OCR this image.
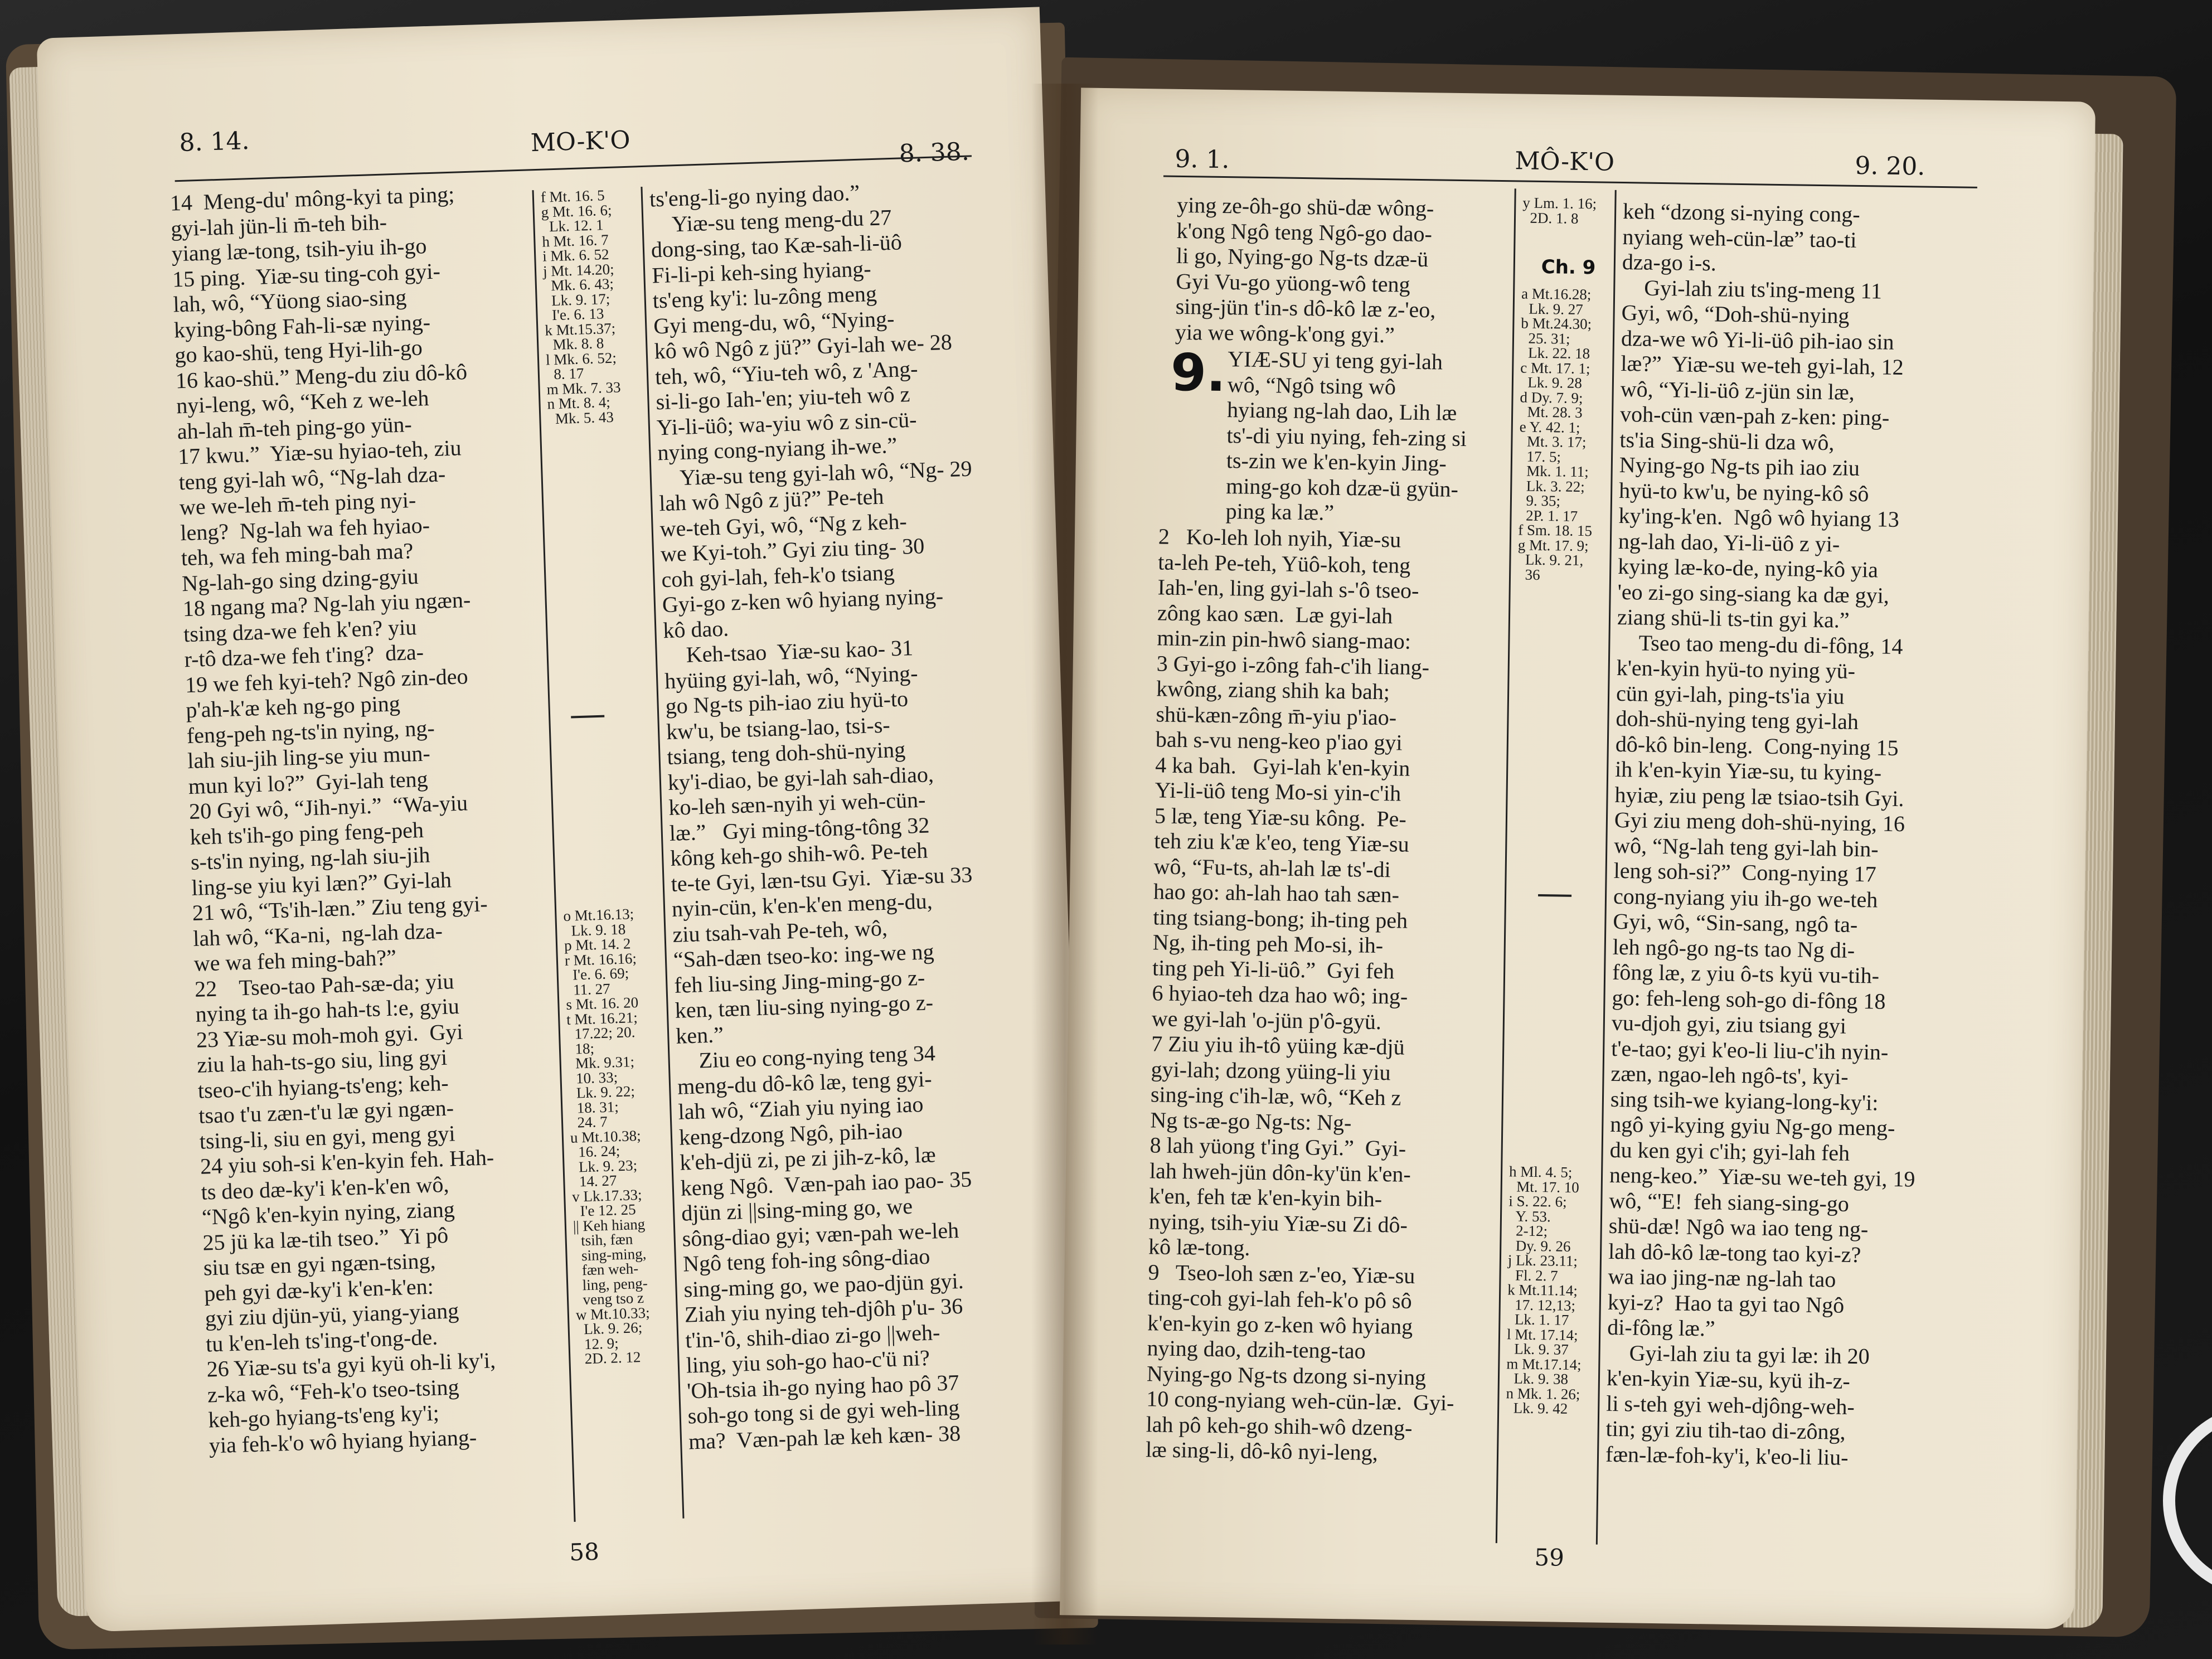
8. 14.	MO-K'O	8. 38.
14  Meng-du' mông-kyi ta ping;
gyi-lah jün-li m̄-teh bih-
yiang læ-tong, tsih-yiu ih-go
15 ping.  Yiæ-su ting-coh gyi-
lah, wô, “Yüong siao-sing
kying-bông Fah-li-sæ nying-
go kao-shü, teng Hyi-lih-go
16 kao-shü.” Meng-du ziu dô-kô
nyi-leng, wô, “Keh z we-leh
ah-lah m̄-teh ping-go yün-
17 kwu.”  Yiæ-su hyiao-teh, ziu
teng gyi-lah wô, “Ng-lah dza-
we we-leh m̄-teh ping nyi-
leng?  Ng-lah wa feh hyiao-
teh, wa feh ming-bah ma?
Ng-lah-go sing dzing-gyiu
18 ngang ma? Ng-lah yiu ngæn-
tsing dza-we feh k'en? yiu
r-tô dza-we feh t'ing?  dza-
19 we feh kyi-teh? Ngô zin-deo
p'ah-k'æ keh ng-go ping
feng-peh ng-ts'in nying, ng-
lah siu-jih ling-se yiu mun-
mun kyi lo?”  Gyi-lah teng
20 Gyi wô, “Jih-nyi.”  “Wa-yiu
keh ts'ih-go ping feng-peh
s-ts'in nying, ng-lah siu-jih
ling-se yiu kyi læn?” Gyi-lah
21 wô, “Ts'ih-læn.” Ziu teng gyi-
lah wô, “Ka-ni,  ng-lah dza-
we wa feh ming-bah?”
22    Tseo-tao Pah-sæ-da; yiu
nying ta ih-go hah-ts l:e, gyiu
23 Yiæ-su moh-moh gyi.  Gyi
ziu la hah-ts-go siu, ling gyi
tseo-c'ih hyiang-ts'eng; keh-
tsao t'u zæn-t'u læ gyi ngæn-
tsing-li, siu en gyi, meng gyi
24 yiu soh-si k'en-kyin feh. Hah-
ts deo dæ-ky'i k'en-k'en wô,
“Ngô k'en-kyin nying, ziang
25 jü ka læ-tih tseo.”  Yi pô
siu tsæ en gyi ngæn-tsing,
peh gyi dæ-ky'i k'en-k'en:
gyi ziu djün-yü, yiang-yiang
tu k'en-leh ts'ing-t'ong-de.
26 Yiæ-su ts'a gyi kyü oh-li ky'i,
z-ka wô, “Feh-k'o tseo-tsing
keh-go hyiang-ts'eng ky'i;
yia feh-k'o wô hyiang hyiang-
f Mt. 16. 5
g Mt. 16. 6;
Lk. 12. 1
h Mt. 16. 7
i Mk. 6. 52
j Mt. 14.20;
Mk. 6. 43;
Lk. 9. 17;
I'e. 6. 13
k Mt.15.37;
Mk. 8. 8
l Mk. 6. 52;
8. 17
m Mk. 7. 33
n Mt. 8. 4;
Mk. 5. 43
o Mt.16.13;
Lk. 9. 18
p Mt. 14. 2
r Mt. 16.16;
I'e. 6. 69;
11. 27
s Mt. 16. 20
t Mt. 16.21;
17.22; 20.
18;
Mk. 9.31;
10. 33;
Lk. 9. 22;
18. 31;
24. 7
u Mt.10.38;
16. 24;
Lk. 9. 23;
14. 27
v Lk.17.33;
I'e 12. 25
|| Keh hiang
tsih, fæn
sing-ming,
fæn weh-
ling, peng-
veng tso z
w Mt.10.33;
Lk. 9. 26;
12. 9;
2D. 2. 12
ts'eng-li-go nying dao.”
Yiæ-su teng meng-du 27
dong-sing, tao Kæ-sah-li-üô
Fi-li-pi keh-sing hyiang-
ts'eng ky'i: lu-zông meng
Gyi meng-du, wô, “Nying-
kô wô Ngô z jü?” Gyi-lah we- 28
teh, wô, “Yiu-teh wô, z 'Ang-
si-li-go Iah-'en; yiu-teh wô z
Yi-li-üô; wa-yiu wô z sin-cü-
nying cong-nyiang ih-we.”
Yiæ-su teng gyi-lah wô, “Ng- 29
lah wô Ngô z jü?” Pe-teh
we-teh Gyi, wô, “Ng z keh-
we Kyi-toh.” Gyi ziu ting- 30
coh gyi-lah, feh-k'o tsiang
Gyi-go z-ken wô hyiang nying-
kô dao.
Keh-tsao  Yiæ-su kao- 31
hyüing gyi-lah, wô, “Nying-
go Ng-ts pih-iao ziu hyü-to
kw'u, be tsiang-lao, tsi-s-
tsiang, teng doh-shü-nying
ky'i-diao, be gyi-lah sah-diao,
ko-leh sæn-nyih yi weh-cün-
læ.”   Gyi ming-tông-tông 32
kông keh-go shih-wô. Pe-teh
te-te Gyi, læn-tsu Gyi.  Yiæ-su 33
nyin-cün, k'en-k'en meng-du,
ziu tsah-vah Pe-teh, wô,
“Sah-dæn tseo-ko: ing-we ng
feh liu-sing Jing-ming-go z-
ken, tæn liu-sing nying-go z-
ken.”
Ziu eo cong-nying teng 34
meng-du dô-kô læ, teng gyi-
lah wô, “Ziah yiu nying iao
keng-dzong Ngô, pih-iao
k'eh-djü zi, pe zi jih-z-kô, læ
keng Ngô.  Væn-pah iao pao- 35
djün zi ||sing-ming go, we
sông-diao gyi; væn-pah we-leh
Ngô teng foh-ing sông-diao
sing-ming go, we pao-djün gyi.
Ziah yiu nying teh-djôh p'u- 36
t'in-'ô, shih-diao zi-go ||weh-
ling, yiu soh-go hao-c'ü ni?
'Oh-tsia ih-go nying hao pô 37
soh-go tong si de gyi weh-ling
ma?  Væn-pah læ keh kæn- 38
58
9. 1.	MÔ-K'O	9. 20.
ying ze-ôh-go shü-dæ wông-
k'ong Ngô teng Ngô-go dao-
li go, Nying-go Ng-ts dzæ-ü
Gyi Vu-go yüong-wô teng
sing-jün t'in-s dô-kô læ z-'eo,
yia we wông-k'ong gyi.”
9. YIÆ-SU yi teng gyi-lah
wô, “Ngô tsing wô
hyiang ng-lah dao, Lih læ
ts'-di yiu nying, feh-zing si
ts-zin we k'en-kyin Jing-
ming-go koh dzæ-ü gyün-
ping ka læ.”
2   Ko-leh loh nyih, Yiæ-su
ta-leh Pe-teh, Yüô-koh, teng
Iah-'en, ling gyi-lah s-'ô tseo-
zông kao sæn.  Læ gyi-lah
min-zin pin-hwô siang-mao:
3 Gyi-go i-zông fah-c'ih liang-
kwông, ziang shih ka bah;
shü-kæn-zông m̄-yiu p'iao-
bah s-vu neng-keo p'iao gyi
4 ka bah.   Gyi-lah k'en-kyin
Yi-li-üô teng Mo-si yin-c'ih
5 læ, teng Yiæ-su kông.  Pe-
teh ziu k'æ k'eo, teng Yiæ-su
wô, “Fu-ts, ah-lah læ ts'-di
hao go: ah-lah hao tah sæn-
ting tsiang-bong; ih-ting peh
Ng, ih-ting peh Mo-si, ih-
ting peh Yi-li-üô.”  Gyi feh
6 hyiao-teh dza hao wô; ing-
we gyi-lah 'o-jün p'ô-gyü.
7 Ziu yiu ih-tô yüing kæ-djü
gyi-lah; dzong yüing-li yiu
sing-ing c'ih-læ, wô, “Keh z
Ng ts-æ-go Ng-ts: Ng-
8 lah yüong t'ing Gyi.”  Gyi-
lah hweh-jün dôn-ky'ün k'en-
k'en, feh tæ k'en-kyin bih-
nying, tsih-yiu Yiæ-su Zi dô-
kô læ-tong.
9   Tseo-loh sæn z-'eo, Yiæ-su
ting-coh gyi-lah feh-k'o pô sô
k'en-kyin go z-ken wô hyiang
nying dao, dzih-teng-tao
Nying-go Ng-ts dzong si-nying
10 cong-nyiang weh-cün-læ.  Gyi-
lah pô keh-go shih-wô dzeng-
læ sing-li, dô-kô nyi-leng,
y Lm. 1. 16;
2D. 1. 8
Ch. 9
a Mt.16.28;
Lk. 9. 27
b Mt.24.30;
25. 31;
Lk. 22. 18
c Mt. 17. 1;
Lk. 9. 28
d Dy. 7. 9;
Mt. 28. 3
e Y. 42. 1;
Mt. 3. 17;
17. 5;
Mk. 1. 11;
Lk. 3. 22;
9. 35;
2P. 1. 17
f Sm. 18. 15
g Mt. 17. 9;
Lk. 9. 21,
36
h Ml. 4. 5;
Mt. 17. 10
i S. 22. 6;
Y. 53.
2-12;
Dy. 9. 26
j Lk. 23.11;
Fl. 2. 7
k Mt.11.14;
17. 12,13;
Lk. 1. 17
l Mt. 17.14;
Lk. 9. 37
m Mt.17.14;
Lk. 9. 38
n Mk. 1. 26;
Lk. 9. 42
keh “dzong si-nying cong-
nyiang weh-cün-læ” tao-ti
dza-go i-s.
Gyi-lah ziu ts'ing-meng 11
Gyi, wô, “Doh-shü-nying
dza-we wô Yi-li-üô pih-iao sin
læ?”  Yiæ-su we-teh gyi-lah, 12
wô, “Yi-li-üô z-jün sin læ,
voh-cün væn-pah z-ken: ping-
ts'ia Sing-shü-li dza wô,
Nying-go Ng-ts pih iao ziu
hyü-to kw'u, be nying-kô sô
ky'ing-k'en.  Ngô wô hyiang 13
ng-lah dao, Yi-li-üô z yi-
kying læ-ko-de, nying-kô yia
'eo zi-go sing-siang ka dæ gyi,
ziang shü-li ts-tin gyi ka.”
Tseo tao meng-du di-fông, 14
k'en-kyin hyü-to nying yü-
cün gyi-lah, ping-ts'ia yiu
doh-shü-nying teng gyi-lah
dô-kô bin-leng.  Cong-nying 15
ih k'en-kyin Yiæ-su, tu kying-
hyiæ, ziu peng læ tsiao-tsih Gyi.
Gyi ziu meng doh-shü-nying, 16
wô, “Ng-lah teng gyi-lah bin-
leng soh-si?”  Cong-nying 17
cong-nyiang yiu ih-go we-teh
Gyi, wô, “Sin-sang, ngô ta-
leh ngô-go ng-ts tao Ng di-
fông læ, z yiu ô-ts kyü vu-tih-
go: feh-leng soh-go di-fông 18
vu-djoh gyi, ziu tsiang gyi
t'e-tao; gyi k'eo-li liu-c'ih nyin-
zæn, ngao-leh ngô-ts', kyi-
sing tsih-we kyiang-long-ky'i:
ngô yi-kying gyiu Ng-go meng-
du ken gyi c'ih; gyi-lah feh
neng-keo.”  Yiæ-su we-teh gyi, 19
wô, “'E!  feh siang-sing-go
shü-dæ! Ngô wa iao teng ng-
lah dô-kô læ-tong tao kyi-z?
wa iao jing-næ ng-lah tao
kyi-z?  Hao ta gyi tao Ngô
di-fông læ.”
Gyi-lah ziu ta gyi læ: ih 20
k'en-kyin Yiæ-su, kyü ih-z-
li s-teh gyi weh-djông-weh-
tin; gyi ziu tih-tao di-zông,
fæn-læ-foh-ky'i, k'eo-li liu-
59
